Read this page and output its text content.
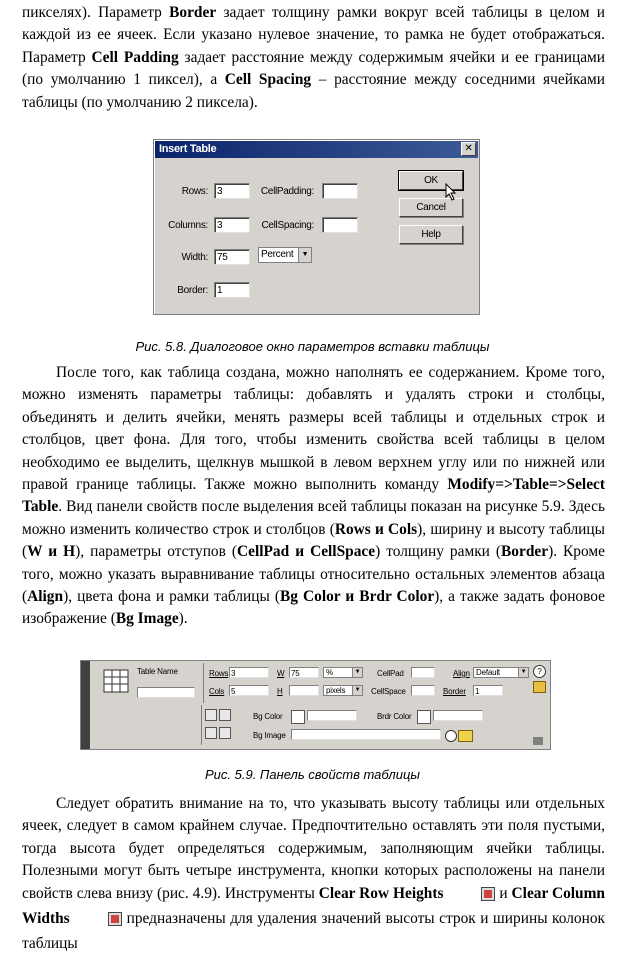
пикселях). Параметр Border задает толщину рамки вокруг всей таблицы в целом и каждой из ее ячеек. Если указано нулевое значение, то рамка не будет отображаться. Параметр Cell Padding задает расстояние между содержимым ячейки и ее границами (по умолчанию 1 пиксел), а Cell Spacing – расстояние между соседними ячейками таблицы (по умолчанию 2 пиксела).
Insert Table	✕
Rows: 3
Columns: 3
Width: 75	Percent	▼
Border: 1
CellPadding:
CellSpacing:
OK
Cancel
Help
Рис. 5.8. Диалоговое окно параметров вставки таблицы
После того, как таблица создана, можно наполнять ее содержанием. Кроме того, можно изменять параметры таблицы: добавлять и удалять строки и столбцы, объединять и делить ячейки, менять размеры всей таблицы и отдельных строк и столбцов, цвет фона. Для того, чтобы изменить свойства всей таблицы в целом необходимо ее выделить, щелкнув мышкой в левом верхнем углу или по нижней или правой границе таблицы. Также можно выполнить команду Modify=>Table=>Select Table. Вид панели свойств после выделения всей таблицы показан на рисунке 5.9. Здесь можно изменить количество строк и столбцов (Rows и Cols), ширину и высоту таблицы (W и H), параметры отступов (CellPad и CellSpace) толщину рамки (Border). Кроме того, можно указать выравнивание таблицы относительно остальных элементов абзаца (Align), цвета фона и рамки таблицы (Bg Color и Brdr Color), а также задать фоновое изображение (Bg Image).
Table Name	Rows 3
Cols 5
W 75	%	▼
H	pixels	▼
CellPad
CellSpace
Align Default	▼
Border 1
?
Bg Color	Brdr Color
Bg Image
Рис. 5.9. Панель свойств таблицы
Следует обратить внимание на то, что указывать высоту таблицы или отдельных ячеек, следует в самом крайнем случае. Предпочтительно оставлять эти поля пустыми, тогда высота будет определяться содержимым, заполняющим ячейки таблицы. Полезными могут быть четыре инструмента, кнопки которых расположены на панели свойств слева внизу (рис. 4.9). Инструменты Clear Row Heights	и Clear Column Widths	предназначены для удаления значений высоты строк и ширины колонок таблицы
